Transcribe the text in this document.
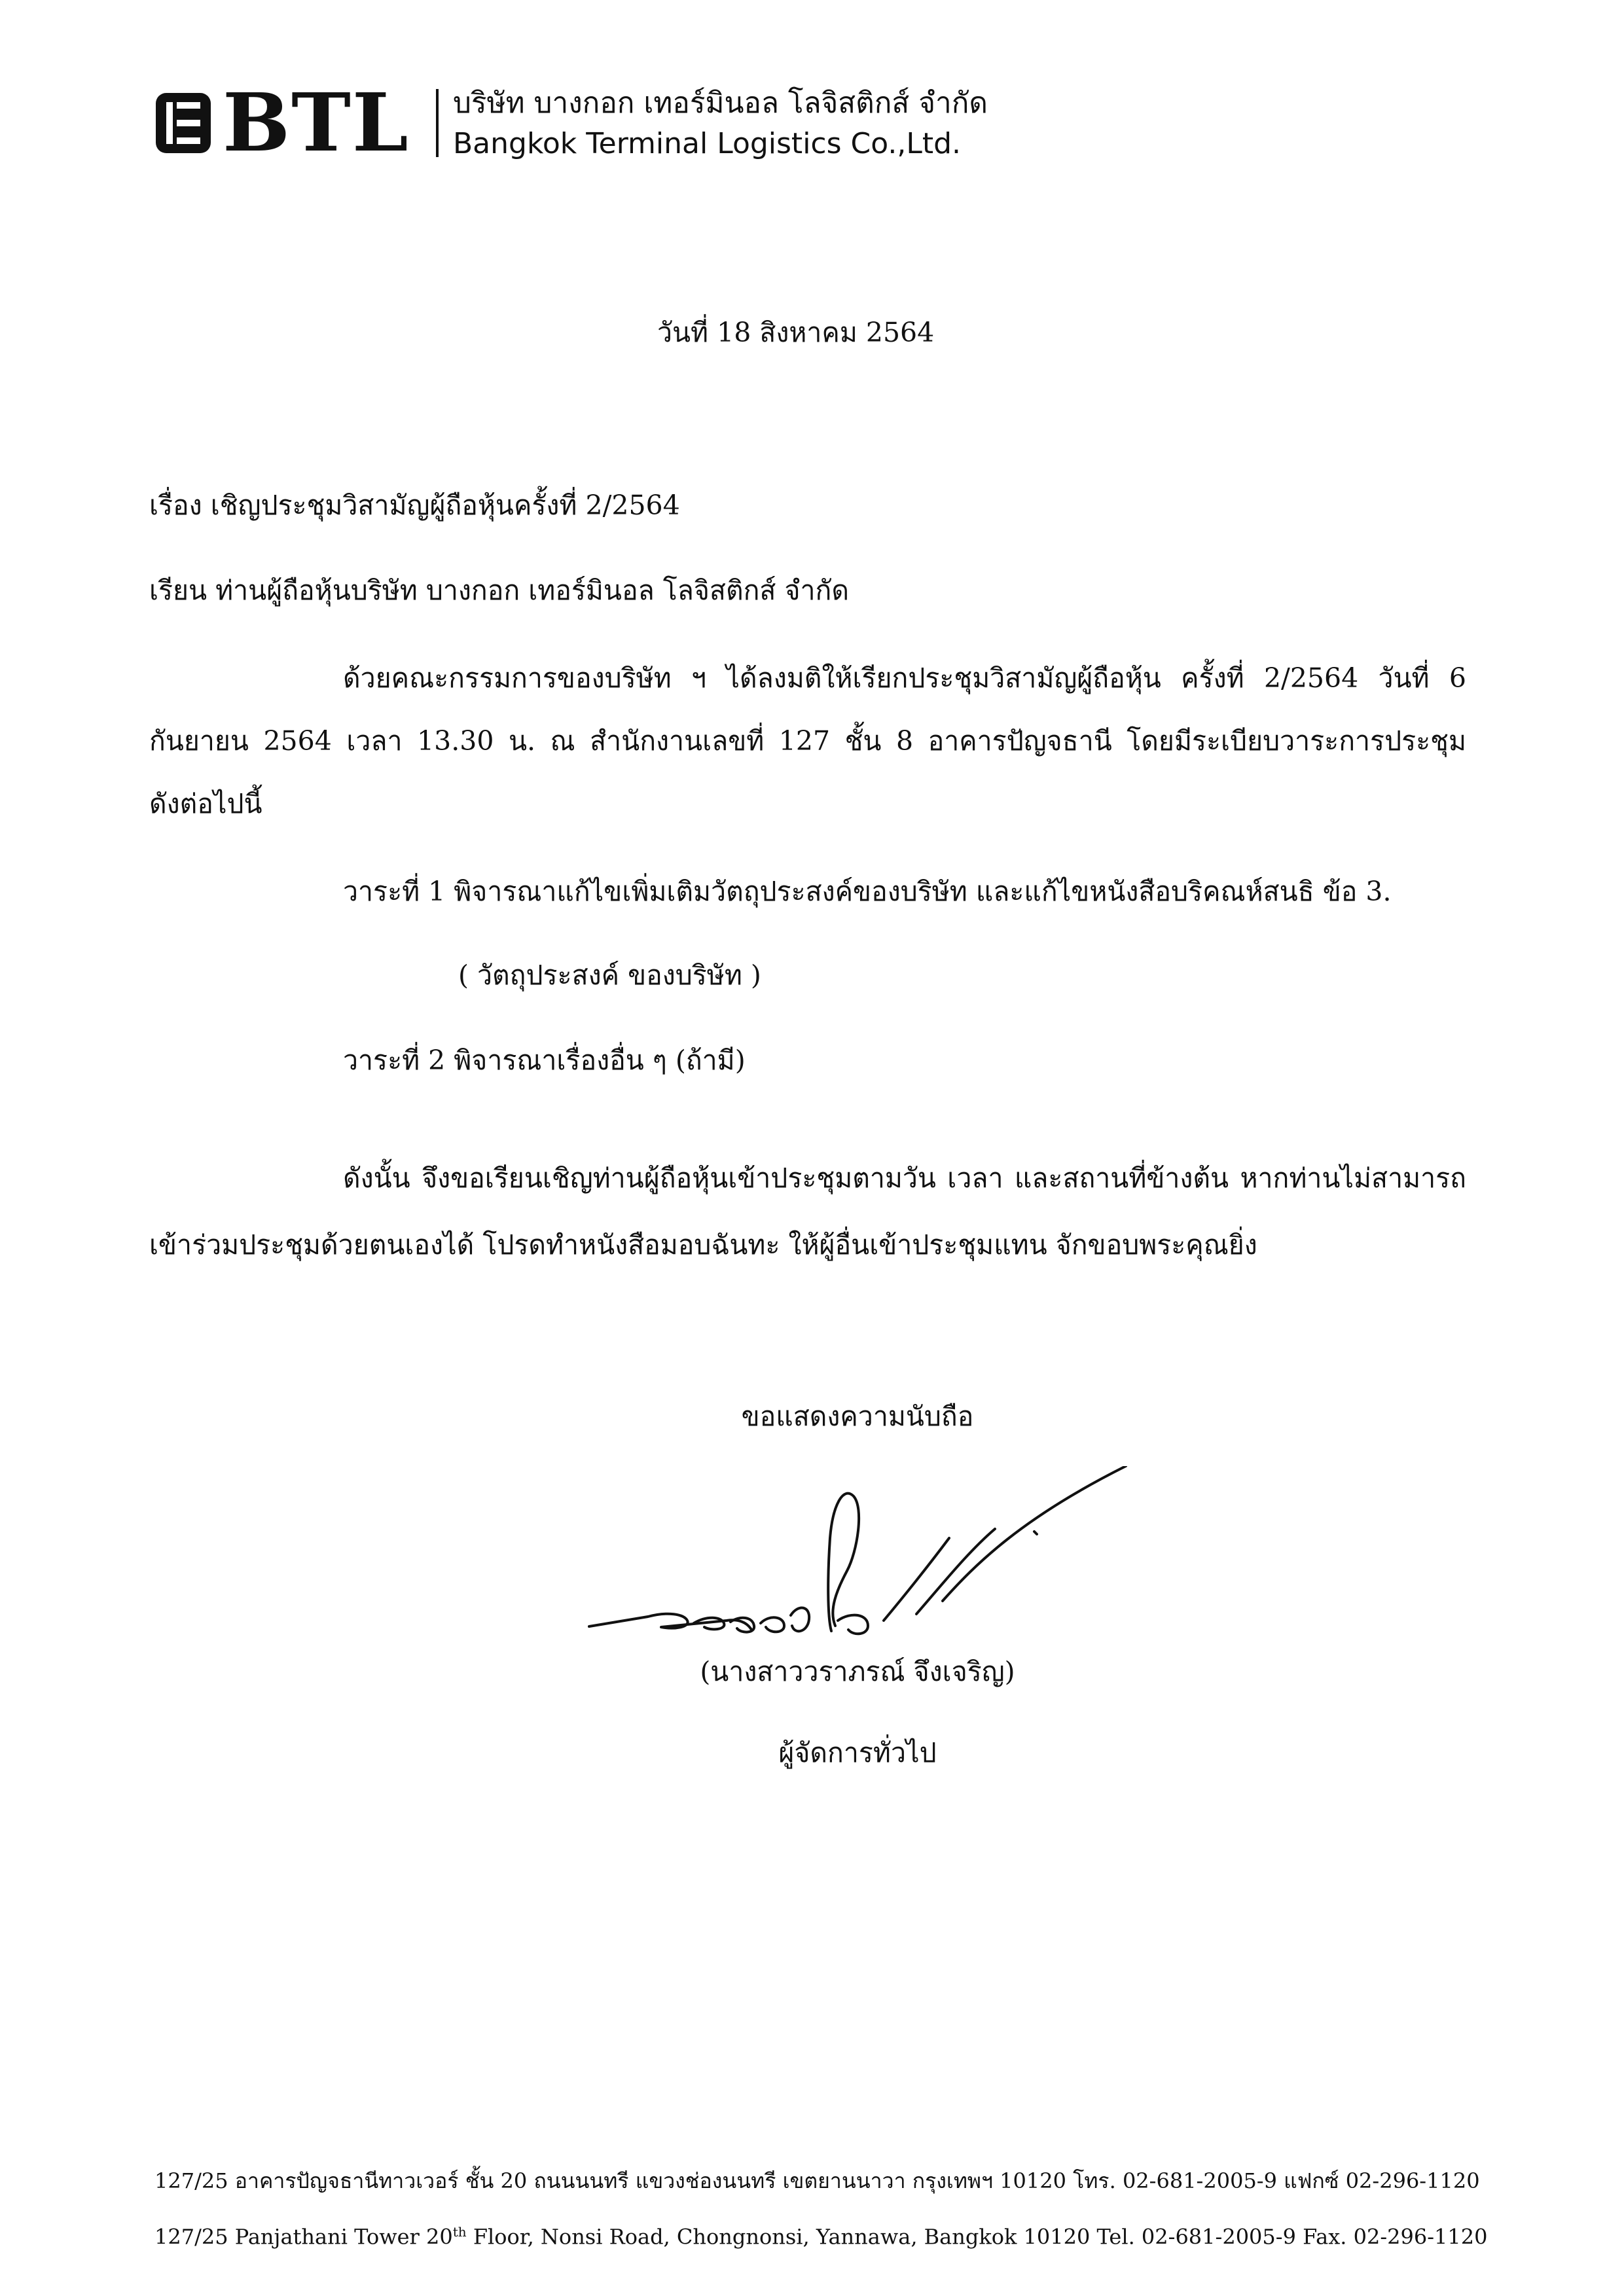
BTL บริษัท บางกอก เทอร์มินอล โลจิสติกส์ จำกัด
Bangkok Terminal Logistics Co.,Ltd.
วันที่ 18 สิงหาคม 2564
เรื่อง เชิญประชุมวิสามัญผู้ถือหุ้นครั้งที่ 2/2564
เรียน ท่านผู้ถือหุ้นบริษัท บางกอก เทอร์มินอล โลจิสติกส์ จำกัด
ด้วยคณะกรรมการของบริษัท ฯ ได้ลงมติให้เรียกประชุมวิสามัญผู้ถือหุ้น ครั้งที่ 2/2564 วันที่ 6
กันยายน 2564 เวลา 13.30 น. ณ สำนักงานเลขที่ 127 ชั้น 8 อาคารปัญจธานี โดยมีระเบียบวาระการประชุม
ดังต่อไปนี้
วาระที่ 1 พิจารณาแก้ไขเพิ่มเติมวัตถุประสงค์ของบริษัท และแก้ไขหนังสือบริคณห์สนธิ ข้อ 3.
( วัตถุประสงค์ ของบริษัท )
วาระที่ 2 พิจารณาเรื่องอื่น ๆ (ถ้ามี)
ดังนั้น จึงขอเรียนเชิญท่านผู้ถือหุ้นเข้าประชุมตามวัน เวลา และสถานที่ข้างต้น หากท่านไม่สามารถ
เข้าร่วมประชุมด้วยตนเองได้ โปรดทำหนังสือมอบฉันทะ ให้ผู้อื่นเข้าประชุมแทน จักขอบพระคุณยิ่ง
ขอแสดงความนับถือ
(นางสาววราภรณ์ จึงเจริญ)
ผู้จัดการทั่วไป
127/25 อาคารปัญจธานีทาวเวอร์ ชั้น 20 ถนนนนทรี แขวงช่องนนทรี เขตยานนาวา กรุงเทพฯ 10120 โทร. 02-681-2005-9 แฟกซ์ 02-296-1120
127/25 Panjathani Tower 20th Floor, Nonsi Road, Chongnonsi, Yannawa, Bangkok 10120 Tel. 02-681-2005-9 Fax. 02-296-1120
